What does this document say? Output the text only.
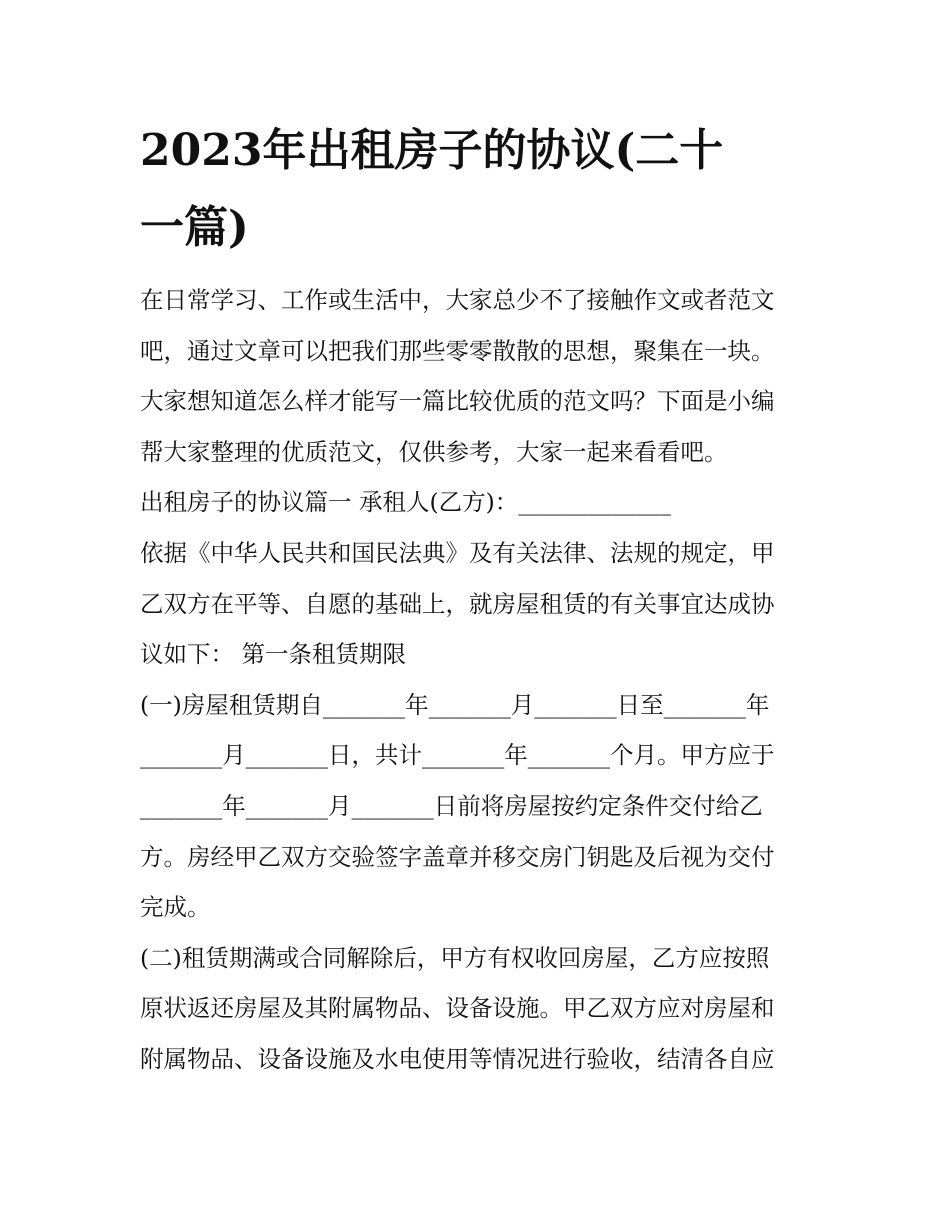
2023年出租房子的协议(二十
一篇)
在日常学习、工作或生活中，大家总少不了接触作文或者范文
吧，通过文章可以把我们那些零零散散的思想，聚集在一块。
大家想知道怎么样才能写一篇比较优质的范文吗？下面是小编
帮大家整理的优质范文，仅供参考，大家一起来看看吧。
出租房子的协议篇一 承租人(乙方)：_____________
依据《中华人民共和国民法典》及有关法律、法规的规定，甲
乙双方在平等、自愿的基础上，就房屋租赁的有关事宜达成协
议如下： 第一条租赁期限
(一)房屋租赁期自_______年_______月_______日至_______年
_______月_______日，共计_______年_______个月。甲方应于
_______年_______月_______日前将房屋按约定条件交付给乙
方。房经甲乙双方交验签字盖章并移交房门钥匙及后视为交付
完成。
(二)租赁期满或合同解除后，甲方有权收回房屋，乙方应按照
原状返还房屋及其附属物品、设备设施。甲乙双方应对房屋和
附属物品、设备设施及水电使用等情况进行验收，结清各自应
